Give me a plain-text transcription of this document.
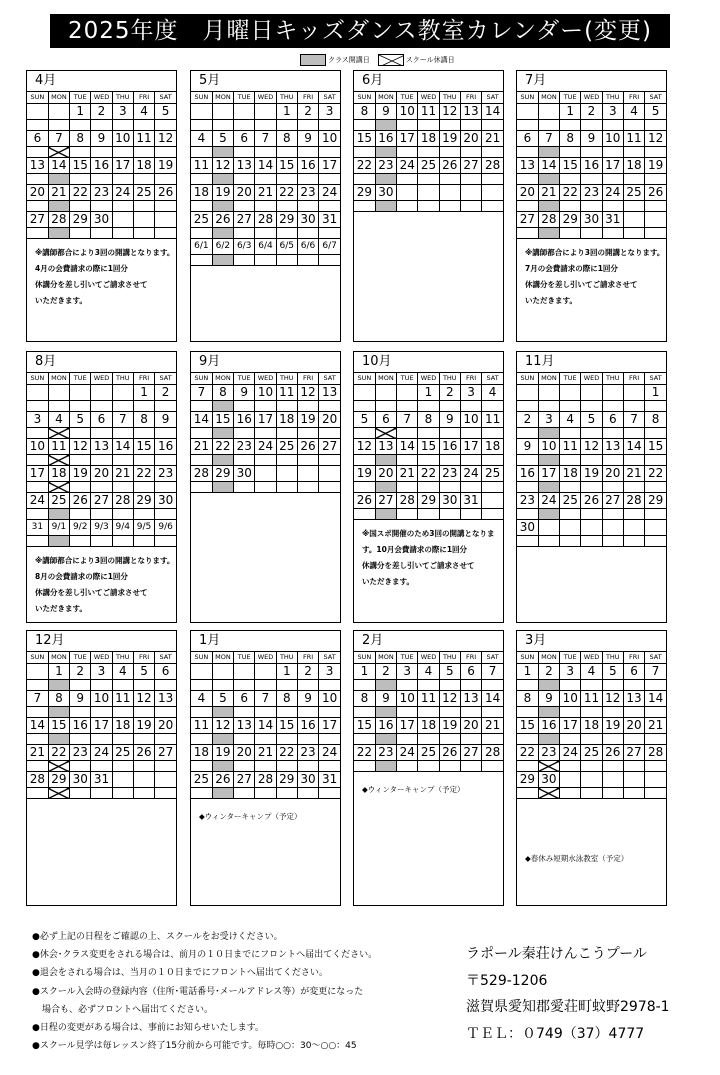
2025年度　月曜日キッズダンス教室カレンダー(変更)
クラス開講日	スクール休講日
4月
SUN	MON	TUE	WED	THU	FRI	SAT
		1	2	3	4	5

6	7	8	9	10	11	12

13	14	15	16	17	18	19

20	21	22	23	24	25	26

27	28	29	30			

※講師都合により3回の開講となります。4月の会費請求の際に1回分
休講分を差し引いてご請求させて
いただきます。
5月
SUN	MON	TUE	WED	THU	FRI	SAT
				1	2	3

4	5	6	7	8	9	10

11	12	13	14	15	16	17

18	19	20	21	22	23	24

25	26	27	28	29	30	31

6/1	6/2	6/3	6/4	6/5	6/6	6/7

6月
SUN	MON	TUE	WED	THU	FRI	SAT
8	9	10	11	12	13	14

15	16	17	18	19	20	21

22	23	24	25	26	27	28

29	30					

7月
SUN	MON	TUE	WED	THU	FRI	SAT
		1	2	3	4	5

6	7	8	9	10	11	12

13	14	15	16	17	18	19

20	21	22	23	24	25	26

27	28	29	30	31		

※講師都合により3回の開講となります。7月の会費請求の際に1回分
休講分を差し引いてご請求させて
いただきます。
8月
SUN	MON	TUE	WED	THU	FRI	SAT
					1	2

3	4	5	6	7	8	9

10	11	12	13	14	15	16

17	18	19	20	21	22	23

24	25	26	27	28	29	30

31	9/1	9/2	9/3	9/4	9/5	9/6

※講師都合により3回の開講となります。8月の会費請求の際に1回分
休講分を差し引いてご請求させて
いただきます。
9月
SUN	MON	TUE	WED	THU	FRI	SAT
7	8	9	10	11	12	13

14	15	16	17	18	19	20

21	22	23	24	25	26	27

28	29	30				

10月
SUN	MON	TUE	WED	THU	FRI	SAT
			1	2	3	4

5	6	7	8	9	10	11

12	13	14	15	16	17	18

19	20	21	22	23	24	25

26	27	28	29	30	31	

※国スポ開催のため3回の開講となります。10月会費請求の際に1回分
休講分を差し引いてご請求させて
いただきます。
11月
SUN	MON	TUE	WED	THU	FRI	SAT
						1

2	3	4	5	6	7	8

9	10	11	12	13	14	15

16	17	18	19	20	21	22

23	24	25	26	27	28	29

30						

12月
SUN	MON	TUE	WED	THU	FRI	SAT
	1	2	3	4	5	6

7	8	9	10	11	12	13

14	15	16	17	18	19	20

21	22	23	24	25	26	27

28	29	30	31			

1月
SUN	MON	TUE	WED	THU	FRI	SAT
				1	2	3

4	5	6	7	8	9	10

11	12	13	14	15	16	17

18	19	20	21	22	23	24

25	26	27	28	29	30	31

◆ウィンターキャンプ（予定）
2月
SUN	MON	TUE	WED	THU	FRI	SAT
1	2	3	4	5	6	7

8	9	10	11	12	13	14

15	16	17	18	19	20	21

22	23	24	25	26	27	28

◆ウィンターキャンプ（予定）
3月
SUN	MON	TUE	WED	THU	FRI	SAT
1	2	3	4	5	6	7

8	9	10	11	12	13	14

15	16	17	18	19	20	21

22	23	24	25	26	27	28

29	30					

◆春休み短期水泳教室（予定）
●必ず上記の日程をご確認の上、スクールをお受けください。
●休会･クラス変更をされる場合は、前月の１０日までにフロントへ届出てください。
●退会をされる場合は、当月の１０日までにフロントへ届出てください。
●スクール入会時の登録内容（住所･電話番号･メールアドレス等）が変更になった
場合も、必ずフロントへ届出てください。
●日程の変更がある場合は、事前にお知らせいたします。
●スクール見学は毎レッスン終了15分前から可能です。毎時○○：30～○○：45
ラポール秦荘けんこうプール
〒529-1206
滋賀県愛知郡愛荘町蚊野2978-1
ＴＥＬ：０749（37）4777
